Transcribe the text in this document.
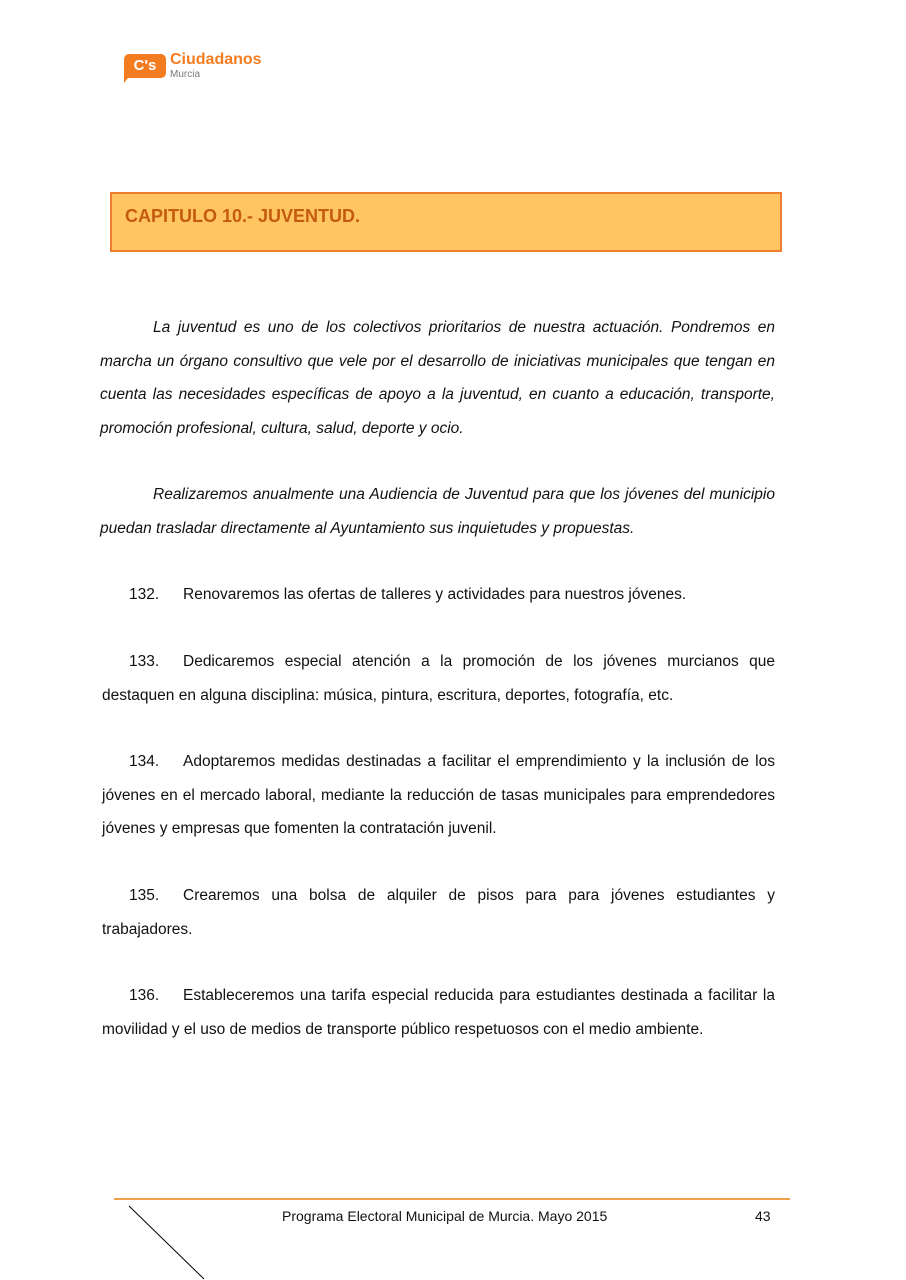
C's Ciudadanos
Murcia
CAPITULO 10.- JUVENTUD.

La juventud es uno de los colectivos prioritarios de nuestra actuación. Pondremos en marcha un órgano consultivo que vele por el desarrollo de iniciativas municipales que tengan en cuenta las necesidades específicas de apoyo a la juventud, en cuanto a educación, transporte, promoción profesional, cultura, salud, deporte y ocio.

Realizaremos anualmente una Audiencia de Juventud para que los jóvenes del municipio puedan trasladar directamente al Ayuntamiento sus inquietudes y propuestas.

132. Renovaremos las ofertas de talleres y actividades para nuestros jóvenes.

133. Dedicaremos especial atención a la promoción de los jóvenes murcianos que destaquen en alguna disciplina: música, pintura, escritura, deportes, fotografía, etc.

134. Adoptaremos medidas destinadas a facilitar el emprendimiento y la inclusión de los jóvenes en el mercado laboral, mediante la reducción de tasas municipales para emprendedores jóvenes y empresas que fomenten la contratación juvenil.

135. Crearemos una bolsa de alquiler de pisos para para jóvenes estudiantes y trabajadores.

136. Estableceremos una tarifa especial reducida para estudiantes destinada a facilitar la movilidad y el uso de medios de transporte público respetuosos con el medio ambiente.

Programa Electoral Municipal de Murcia. Mayo 2015	43
